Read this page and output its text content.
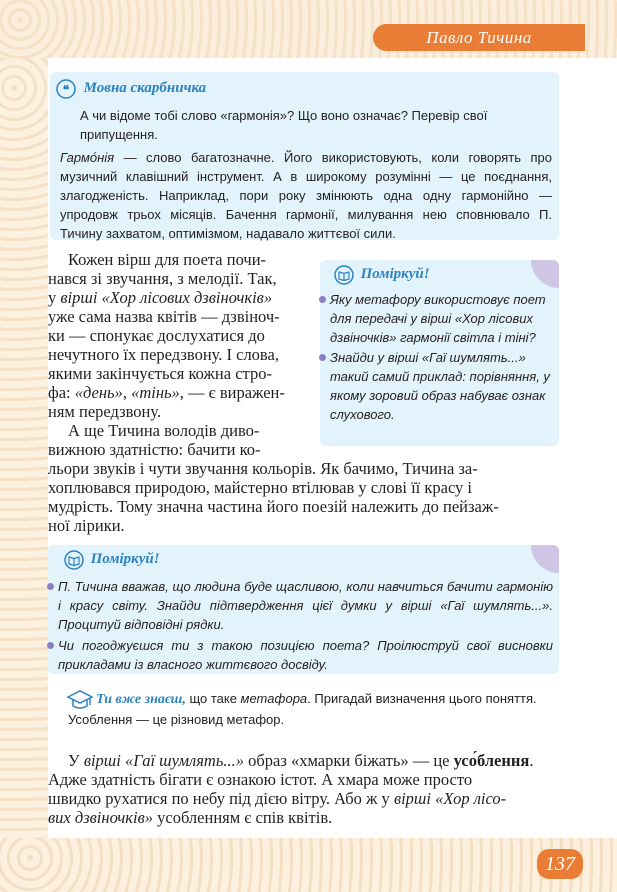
Павло Тичина
❝ Мовна скарбничка
А чи відоме тобі слово «гармонія»? Що воно означає? Перевір свої припущення.
Гармо́нія — слово багатозначне. Його використовують, коли говорять про музичний клавішний інструмент. А в широкому розумінні — це поєднання, злагодженість. Наприклад, пори року змінюють одна одну гармонійно — упродовж трьох місяців. Бачення гармонії, милування нею сповнювало П. Тичину захватом, оптимізмом, надавало життєвої сили.
Кожен вірш для поета почи-
нався зі звучання, з мелодії. Так,
у вірші «Хор лісових дзвіночків»
уже сама назва квітів — дзвіноч-
ки — спонукає дослухатися до
нечутного їх передзвону. І слова,
якими закінчується кожна стро-
фа: «день», «тінь», — є виражен-
ням передзвону.
Поміркуй!
Яку метафору використовує поет для передачі у вірші «Хор лісових дзвіночків» гармонії світла і тіні?
Знайди у вірші «Гаї шумлять...» такий самий приклад: порівняння, у якому зоровий образ набуває ознак слухового.
А ще Тичина володів диво-
вижною здатністю: бачити ко-
льори звуків і чути звучання кольорів. Як бачимо, Тичина за-
хоплювався природою, майстерно втілював у слові її красу і
мудрість. Тому значна частина його поезій належить до пейзаж-
ної лірики.
Поміркуй!
П. Тичина вважав, що людина буде щасливою, коли навчиться бачити гармонію і красу світу. Знайди підтвердження цієї думки у вірші «Гаї шумлять...». Процитуй відповідні рядки.
Чи погоджуєшся ти з такою позицією поета? Проілюструй свої висновки прикладами із власного життєвого досвіду.
Ти вже знаєш, що таке метафора. Пригадай визначення цього поняття.
Усоблення — це різновид метафор.
У вірші «Гаї шумлять...» образ «хмарки біжать» — це усо́блення.
Адже здатність бігати є ознакою істот. А хмара може просто
швидко рухатися по небу під дією вітру. Або ж у вірші «Хор лісо-
вих дзвіночків» усобленням є спів квітів.
137
